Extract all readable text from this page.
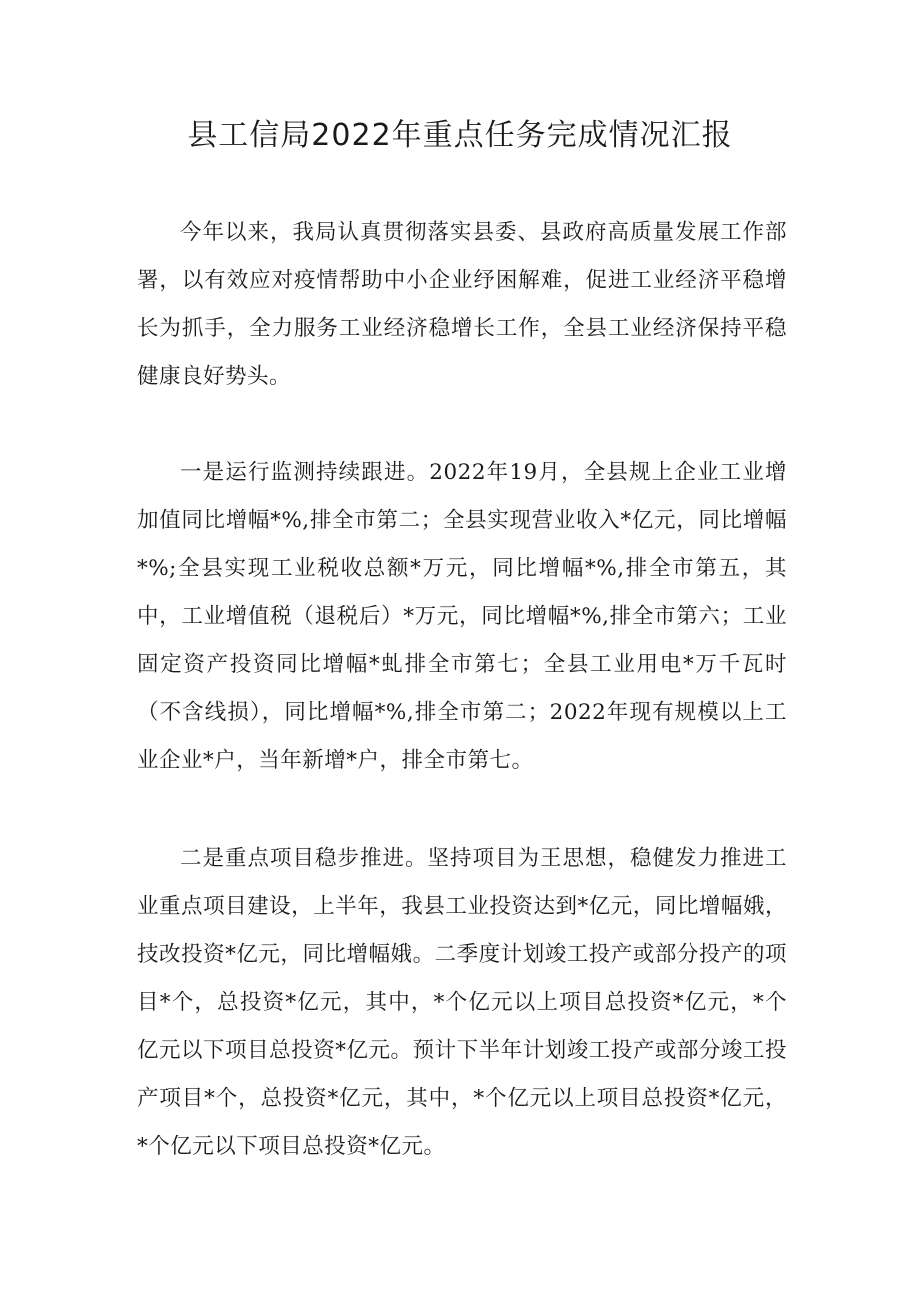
县工信局2022年重点任务完成情况汇报

今年以来，我局认真贯彻落实县委、县政府高质量发展工作部署，以有效应对疫情帮助中小企业纾困解难，促进工业经济平稳增长为抓手，全力服务工业经济稳增长工作，全县工业经济保持平稳健康良好势头。

一是运行监测持续跟进。2022年19月，全县规上企业工业增加值同比增幅*%,排全市第二；全县实现营业收入*亿元，同比增幅*%;全县实现工业税收总额*万元，同比增幅*%,排全市第五，其中，工业增值税（退税后）*万元，同比增幅*%,排全市第六；工业固定资产投资同比增幅*虬排全市第七；全县工业用电*万千瓦时（不含线损），同比增幅*%,排全市第二；2022年现有规模以上工业企业*户，当年新增*户，排全市第七。

二是重点项目稳步推进。坚持项目为王思想，稳健发力推进工业重点项目建设，上半年，我县工业投资达到*亿元，同比增幅娥，技改投资*亿元，同比增幅娥。二季度计划竣工投产或部分投产的项目*个，总投资*亿元，其中，*个亿元以上项目总投资*亿元，*个亿元以下项目总投资*亿元。预计下半年计划竣工投产或部分竣工投产项目*个，总投资*亿元，其中，*个亿元以上项目总投资*亿元，*个亿元以下项目总投资*亿元。
